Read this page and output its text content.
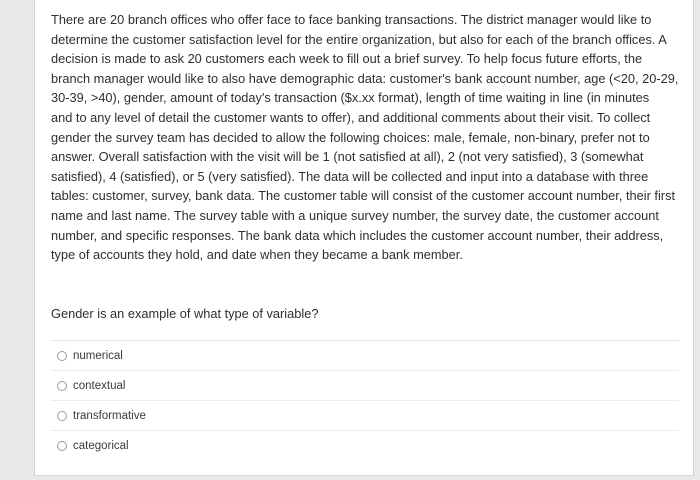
There are 20 branch offices who offer face to face banking transactions. The district manager would like to
determine the customer satisfaction level for the entire organization, but also for each of the branch offices. A
decision is made to ask 20 customers each week to fill out a brief survey. To help focus future efforts, the
branch manager would like to also have demographic data: customer's bank account number, age (<20, 20-29,
30-39, >40), gender, amount of today's transaction ($x.xx format), length of time waiting in line (in minutes
and to any level of detail the customer wants to offer), and additional comments about their visit. To collect
gender the survey team has decided to allow the following choices: male, female, non-binary, prefer not to
answer. Overall satisfaction with the visit will be 1 (not satisfied at all), 2 (not very satisfied), 3 (somewhat
satisfied), 4 (satisfied), or 5 (very satisfied). The data will be collected and input into a database with three
tables: customer, survey, bank data. The customer table will consist of the customer account number, their first
name and last name. The survey table with a unique survey number, the survey date, the customer account
number, and specific responses. The bank data which includes the customer account number, their address,
type of accounts they hold, and date when they became a bank member.
Gender is an example of what type of variable?
numerical
contextual
transformative
categorical
